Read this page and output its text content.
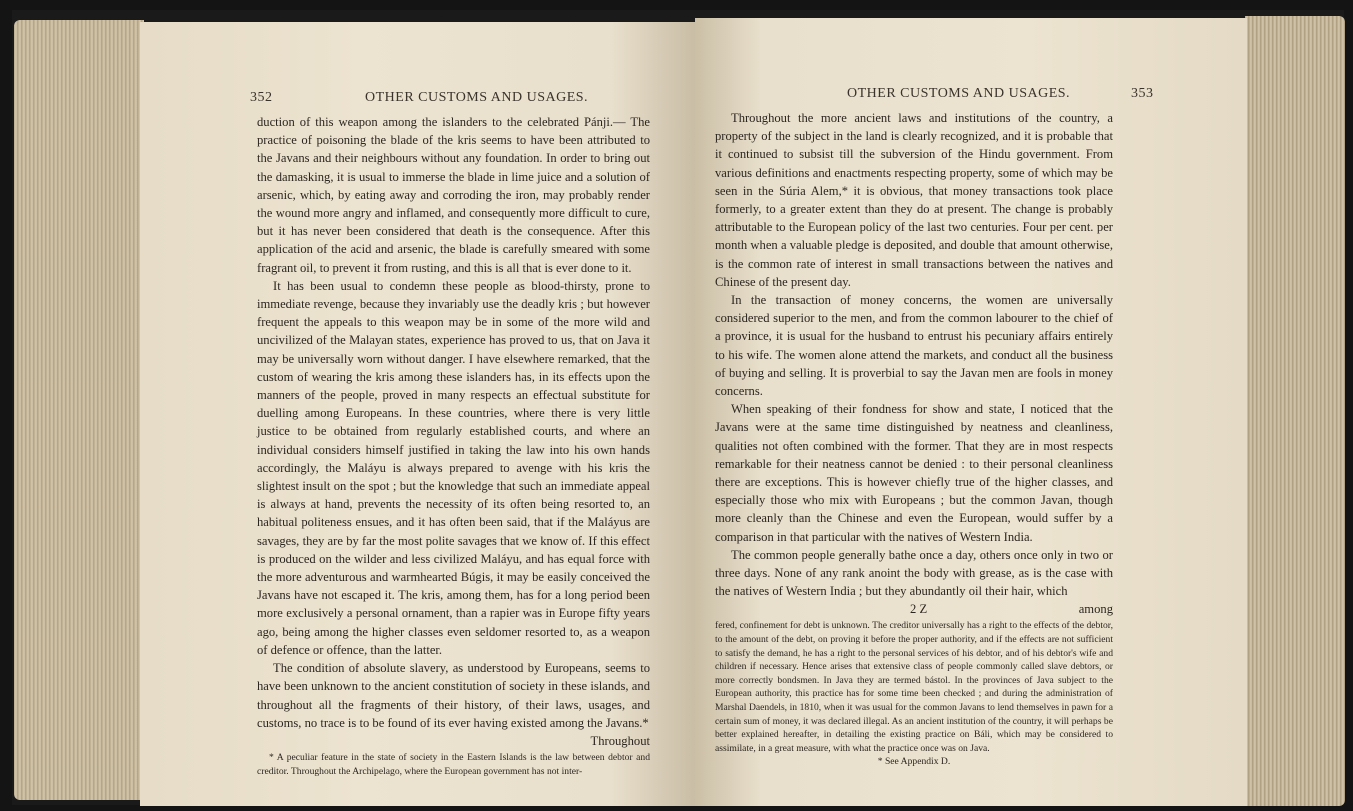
352	OTHER CUSTOMS AND USAGES.

duction of this weapon among the islanders to the celebrated Pánji.— The practice of poisoning the blade of the kris seems to have been attributed to the Javans and their neighbours without any foundation. In order to bring out the damasking, it is usual to immerse the blade in lime juice and a solution of arsenic, which, by eating away and corroding the iron, may probably render the wound more angry and inflamed, and consequently more difficult to cure, but it has never been considered that death is the consequence. After this application of the acid and arsenic, the blade is carefully smeared with some fragrant oil, to prevent it from rusting, and this is all that is ever done to it.

It has been usual to condemn these people as blood-thirsty, prone to immediate revenge, because they invariably use the deadly kris ; but however frequent the appeals to this weapon may be in some of the more wild and uncivilized of the Malayan states, experience has proved to us, that on Java it may be universally worn without danger. I have elsewhere remarked, that the custom of wearing the kris among these islanders has, in its effects upon the manners of the people, proved in many respects an effectual substitute for duelling among Europeans. In these countries, where there is very little justice to be obtained from regularly established courts, and where an individual considers himself justified in taking the law into his own hands accordingly, the Maláyu is always prepared to avenge with his kris the slightest insult on the spot ; but the knowledge that such an immediate appeal is always at hand, prevents the necessity of its often being resorted to, an habitual politeness ensues, and it has often been said, that if the Maláyus are savages, they are by far the most polite savages that we know of. If this effect is produced on the wilder and less civilized Maláyu, and has equal force with the more adventurous and warmhearted Búgis, it may be easily conceived the Javans have not escaped it. The kris, among them, has for a long period been more exclusively a personal ornament, than a rapier was in Europe fifty years ago, being among the higher classes even seldomer resorted to, as a weapon of defence or offence, than the latter.

The condition of absolute slavery, as understood by Europeans, seems to have been unknown to the ancient constitution of society in these islands, and throughout all the fragments of their history, of their laws, usages, and customs, no trace is to be found of its ever having existed among the Javans.*

Throughout

* A peculiar feature in the state of society in the Eastern Islands is the law between debtor and creditor. Throughout the Archipelago, where the European government has not inter-

OTHER CUSTOMS AND USAGES.	353

Throughout the more ancient laws and institutions of the country, a property of the subject in the land is clearly recognized, and it is probable that it continued to subsist till the subversion of the Hindu government. From various definitions and enactments respecting property, some of which may be seen in the Súria Alem,* it is obvious, that money transactions took place formerly, to a greater extent than they do at present. The change is probably attributable to the European policy of the last two centuries. Four per cent. per month when a valuable pledge is deposited, and double that amount otherwise, is the common rate of interest in small transactions between the natives and Chinese of the present day.

In the transaction of money concerns, the women are universally considered superior to the men, and from the common labourer to the chief of a province, it is usual for the husband to entrust his pecuniary affairs entirely to his wife. The women alone attend the markets, and conduct all the business of buying and selling. It is proverbial to say the Javan men are fools in money concerns.

When speaking of their fondness for show and state, I noticed that the Javans were at the same time distinguished by neatness and cleanliness, qualities not often combined with the former. That they are in most respects remarkable for their neatness cannot be denied : to their personal cleanliness there are exceptions. This is however chiefly true of the higher classes, and especially those who mix with Europeans ; but the common Javan, though more cleanly than the Chinese and even the European, would suffer by a comparison in that particular with the natives of Western India.

The common people generally bathe once a day, others once only in two or three days. None of any rank anoint the body with grease, as is the case with the natives of Western India ; but they abundantly oil their hair, which

2 Z	among

fered, confinement for debt is unknown. The creditor universally has a right to the effects of the debtor, to the amount of the debt, on proving it before the proper authority, and if the effects are not sufficient to satisfy the demand, he has a right to the personal services of his debtor, and of his debtor's wife and children if necessary. Hence arises that extensive class of people commonly called slave debtors, or more correctly bondsmen. In Java they are termed bástol. In the provinces of Java subject to the European authority, this practice has for some time been checked ; and during the administration of Marshal Daendels, in 1810, when it was usual for the common Javans to lend themselves in pawn for a certain sum of money, it was declared illegal. As an ancient institution of the country, it will perhaps be better explained hereafter, in detailing the existing practice on Báli, which may be considered to assimilate, in a great measure, with what the practice once was on Java.

* See Appendix D.
